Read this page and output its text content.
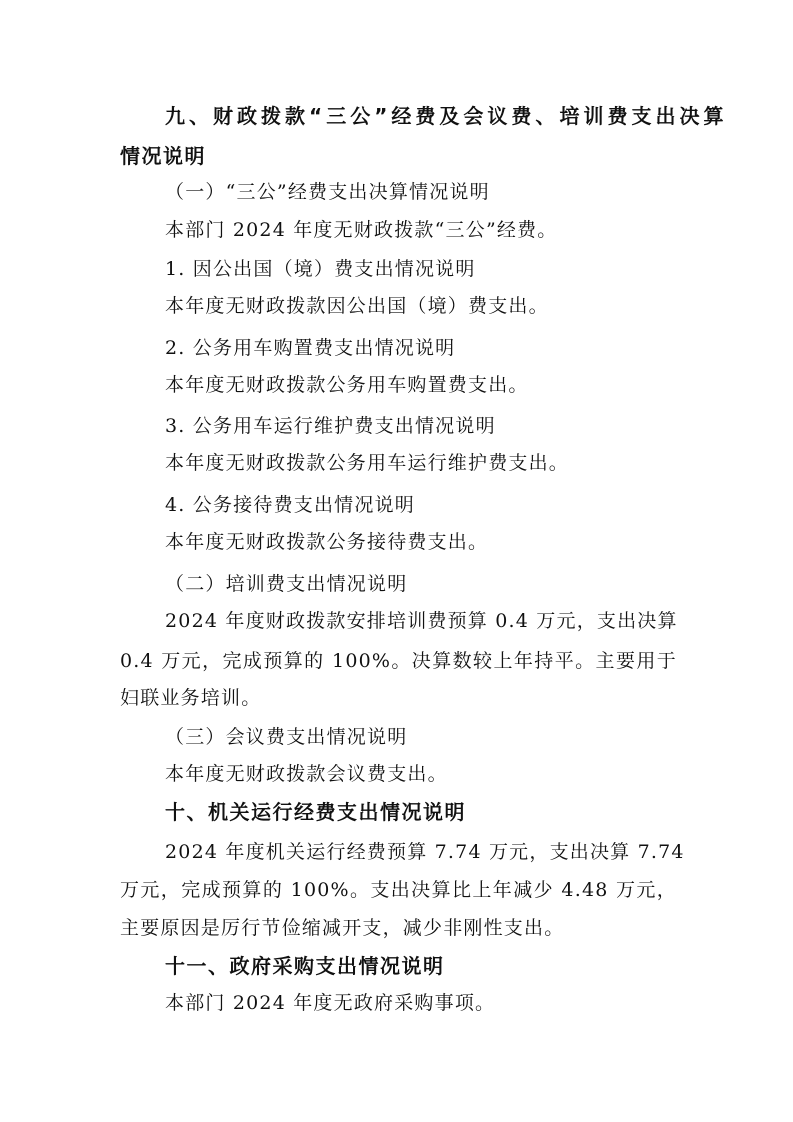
九、财政拨款“三公”经费及会议费、培训费支出决算
情况说明
（一）“三公”经费支出决算情况说明
本部门 2024 年度无财政拨款“三公”经费。
1. 因公出国（境）费支出情况说明
本年度无财政拨款因公出国（境）费支出。
2. 公务用车购置费支出情况说明
本年度无财政拨款公务用车购置费支出。
3. 公务用车运行维护费支出情况说明
本年度无财政拨款公务用车运行维护费支出。
4. 公务接待费支出情况说明
本年度无财政拨款公务接待费支出。
（二）培训费支出情况说明
2024 年度财政拨款安排培训费预算 0.4 万元，支出决算
0.4 万元，完成预算的 100%。决算数较上年持平。主要用于
妇联业务培训。
（三）会议费支出情况说明
本年度无财政拨款会议费支出。
十、机关运行经费支出情况说明
2024 年度机关运行经费预算 7.74 万元，支出决算 7.74
万元，完成预算的 100%。支出决算比上年减少 4.48 万元，
主要原因是厉行节俭缩减开支，减少非刚性支出。
十一、政府采购支出情况说明
本部门 2024 年度无政府采购事项。
